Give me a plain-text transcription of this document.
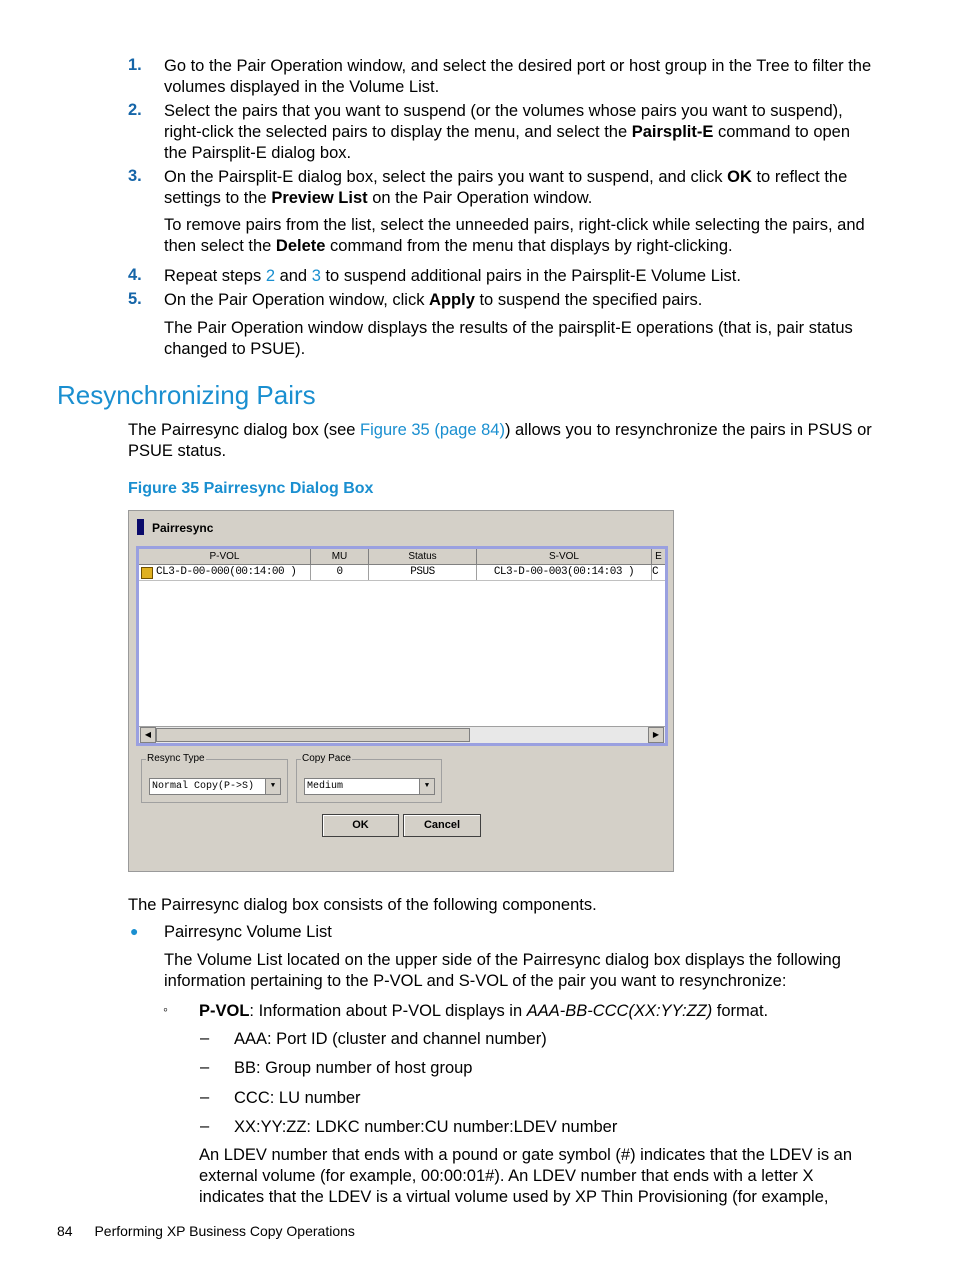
1. Go to the Pair Operation window, and select the desired port or host group in the Tree to filter the volumes displayed in the Volume List.
2. Select the pairs that you want to suspend (or the volumes whose pairs you want to suspend), right-click the selected pairs to display the menu, and select the Pairsplit-E command to open the Pairsplit-E dialog box.
3. On the Pairsplit-E dialog box, select the pairs you want to suspend, and click OK to reflect the settings to the Preview List on the Pair Operation window.
To remove pairs from the list, select the unneeded pairs, right-click while selecting the pairs, and then select the Delete command from the menu that displays by right-clicking.
4. Repeat steps 2 and 3 to suspend additional pairs in the Pairsplit-E Volume List.
5. On the Pair Operation window, click Apply to suspend the specified pairs.
The Pair Operation window displays the results of the pairsplit-E operations (that is, pair status changed to PSUE).
Resynchronizing Pairs
The Pairresync dialog box (see Figure 35 (page 84)) allows you to resynchronize the pairs in PSUS or PSUE status.
Figure 35 Pairresync Dialog Box
Pairresync
P-VOL	MU	Status	S-VOL	E
CL3-D-00-000(00:14:00 )	0	PSUS	CL3-D-00-003(00:14:03 )	C
◀	▶
Resync Type
Normal Copy(P->S)	▼
Copy Pace
Medium	▼
OK	Cancel
The Pairresync dialog box consists of the following components.
● Pairresync Volume List
The Volume List located on the upper side of the Pairresync dialog box displays the following information pertaining to the P-VOL and S-VOL of the pair you want to resynchronize:
◦ P-VOL: Information about P-VOL displays in AAA-BB-CCC(XX:YY:ZZ) format.
– AAA: Port ID (cluster and channel number)
– BB: Group number of host group
– CCC: LU number
– XX:YY:ZZ: LDKC number:CU number:LDEV number
An LDEV number that ends with a pound or gate symbol (#) indicates that the LDEV is an external volume (for example, 00:00:01#). An LDEV number that ends with a letter X indicates that the LDEV is a virtual volume used by XP Thin Provisioning (for example,
84 Performing XP Business Copy Operations
